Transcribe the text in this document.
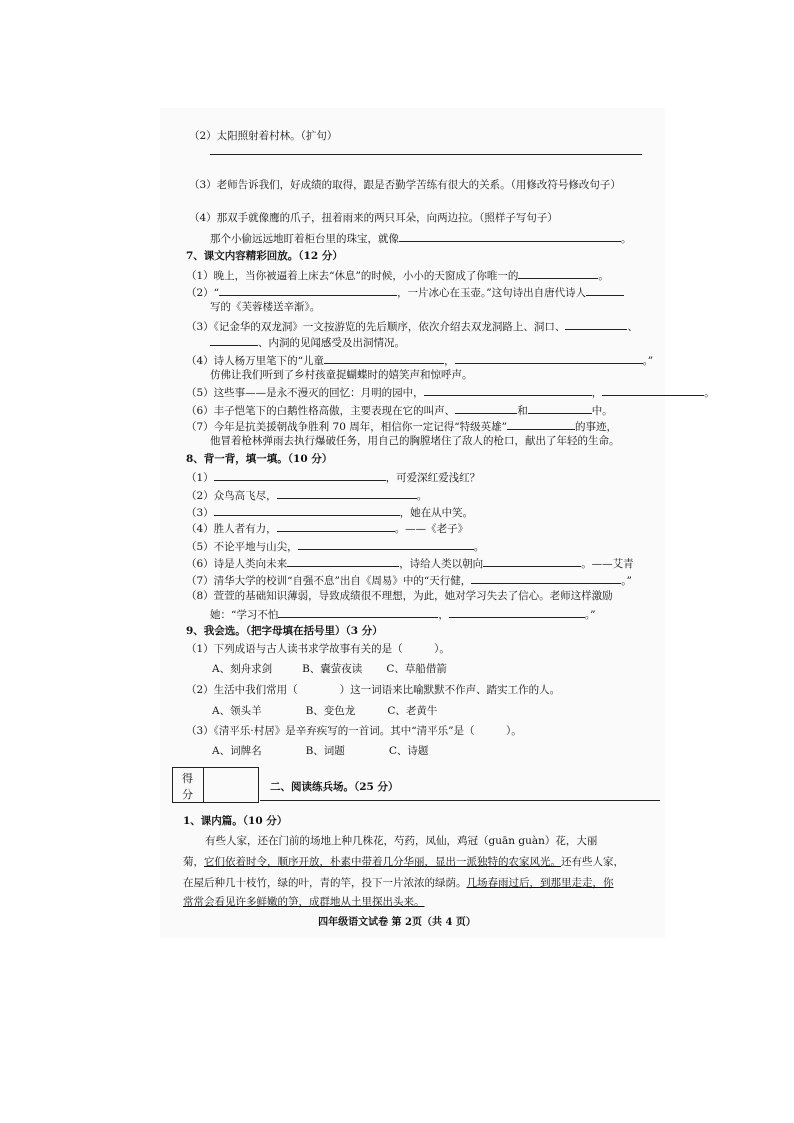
（2）太阳照射着村林。（扩句）
（3）老师告诉我们，好成绩的取得，跟是否勤学苦练有很大的关系。（用修改符号修改句子）
（4）那双手就像鹰的爪子，扭着雨来的两只耳朵，向两边拉。（照样子写句子）
那个小偷远远地盯着柜台里的珠宝，就像	。
7、课文内容精彩回放。（12 分）
（1）晚上，当你被逼着上床去“休息”的时候，小小的天窗成了你唯一的	。
（2）“	，一片冰心在玉壶。”这句诗出自唐代诗人
写的《芙蓉楼送辛渐》。
（3）《记金华的双龙洞》一文按游览的先后顺序，依次介绍去双龙洞路上、洞口、	、
、内洞的见闻感受及出洞情况。
（4）诗人杨万里笔下的“儿童	，	。”
仿佛让我们听到了乡村孩童捉蝴蝶时的嬉笑声和惊呼声。
（5）这些事——是永不漫灭的回忆：月明的园中，	，	。
（6）丰子恺笔下的白鹅性格高傲，主要表现在它的叫声、	和	中。
（7）今年是抗美援朝战争胜利 70 周年，相信你一定记得“特级英雄”	的事迹，
他冒着枪林弹雨去执行爆破任务，用自己的胸膛堵住了敌人的枪口，献出了年轻的生命。
8、背一背，填一填。（10 分）
（1）	，可爱深红爱浅红？
（2）众鸟高飞尽，	。
（3）	，她在从中笑。
（4）胜人者有力，	。——《老子》
（5）不论平地与山尖，	。
（6）诗是人类向未来	，诗给人类以朝向	。——艾青
（7）清华大学的校训“自强不息”出自《周易》中的“天行健，	。”
（8）萱萱的基础知识薄弱，导致成绩很不理想，为此，她对学习失去了信心。老师这样激励
她：“学习不怕	，	。”
9、我会选。（把字母填在括号里）（3 分）
（1）下列成语与古人读书求学故事有关的是（　　　）。
A、刻舟求剑	B、囊萤夜读 C、草船借箭
（2）生活中我们常用（　　　　）这一词语来比喻默默不作声、踏实工作的人。
A、领头羊	B、变色龙	C、老黄牛
（3）《清平乐·村居》是辛弃疾写的一首词。其中“清平乐”是（　　　）。
A、词牌名	B、词题	C、诗题
得
分
二、阅读练兵场。（25 分）
1、课内篇。（10 分）
有些人家，还在门前的场地上种几株花，芍药，凤仙，鸡冠（guān guàn）花，大丽
菊，它们依着时令，顺序开放，朴素中带着几分华丽，显出一派独特的农家风光。还有些人家，
在屋后种几十枝竹，绿的叶，青的竿，投下一片浓浓的绿荫。几场春雨过后，到那里走走，你
常常会看见许多鲜嫩的笋，成群地从土里探出头来。
四年级语文试卷 第 2页（共 4 页）
